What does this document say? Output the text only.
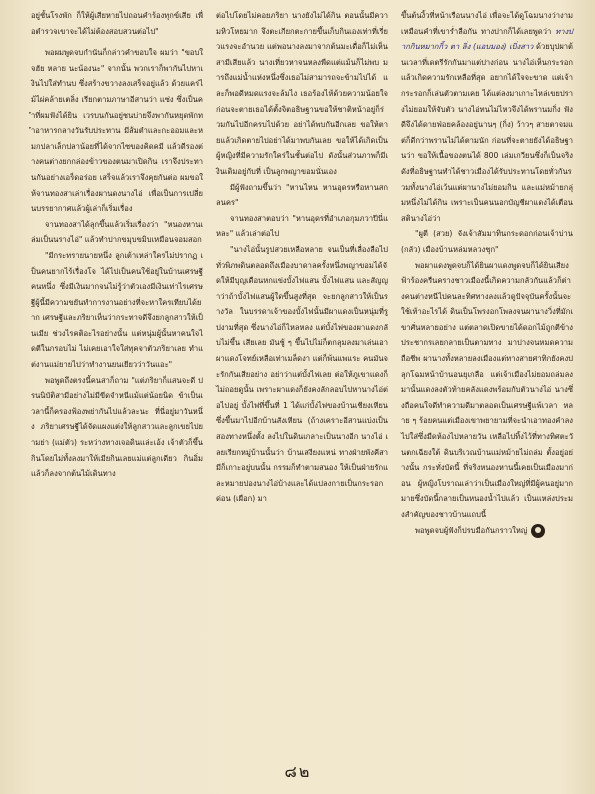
อยู่ชั้นโรงพัก ก็ให้ผู้เสียหายไปถอนคำร้องทุกข์เสีย เพื่อตำรวจเขาจะได้ไม่ต้องสอบสวนต่อไป"

พอผมพูดจบกำนันก็กล่าวคำขอบใจ ผมว่า "ขอบใจฮัย หลาย นะน้องนะ" จากนั้น พวกเราก็พากันไปหาเงินไปใส่ทำนบ ซึ่งสร้างขวางลงเสร็จอยู่แล้ว ด้วยแคร่ไม้ไผ่คล้ายเตลิ่ง เรียกตามภาษาอีสานว่า แซ่ง ซึ่งเป็นคำที่ผมฟังได้ยิน เวรบนกันอยู่ชนบ่ายจึงพากันหยุดพักทำอาหารกลางวันรับประทาน มีส้มตำและกะออมและหมกปลาเล็กปลาน้อยที่ได้จากไซของคิดคมี แล้วดีรองต่างคนต่างยกกล่องข้าวของตนมาเปิดกิน เราจึงประทานกันอย่างเอร็ดอร่อย เสร็จแล้วเราจึงคุยกันต่อ ผมขอให้จานทองสาเล่าเรื่องผานดงนางไอ่ เพื่อเป็นการเปลี่ยนบรรยากาศแล้วผู้เล่าก็เริ่มเรื่อง

จานทองสาได้ลุกขึ้นแล้วเริ่มเรื่องว่า "หนองหานเล่มเป็นนรางไอ่" แล้วทำปากขมุบขมิบเหมือนจอมสอก

"มีกระทรายนายหนึ่ง ลูกเต้าเหล่าใครไม่ปรากฏ เป็นคนยากไร้เรื่องโจ ได้ไปเป็นคนใช้อยู่ในบ้านเศรษฐีคนหนึ่ง ซึ่งมีเงินมากจนไม่รู้ว่าตัวเองมีเงินเท่าไรเศรษฐีผู้นี้มีความขยันทำการงานอย่างที่จะหาใครเทียบได้ยาก เศรษฐีและภริยาเห็นว่ากระทาจดีจึงยกลูกสาวให้เป็นเมีย ช่วงไรคติอะไรอย่างนั้น แต่หนุ่มผู้นั้นหาคนใจไดตีในกรอบไม่ ไม่เคยเอาใจใส่ทุคจาตัวภริยาเลย ทำแต่งานแม่ยายไปว่าทำงานยนเยียวว่าวันแอะ"

พอพูดถึงตรงนี้คนสาก็ถาม "แต่ภริยาก็แสนจะดี ปรนนิบัติสามีอย่างไม่มีขีดจำหนีแม้แต่น้อยนิด ข้าเป็นเวลานี้ก็ครองฟ้องพย่ากันไปแล้วละนะ ที่นี่อยู่มาวันหนึ่ง ภริยาเศรษฐีได้จัดแผงแต่งให้ลูกสาวและลูกเขยไปยามย่า (แม่ตัว) ระหว่างทางเจอดินแล่ะเอ้ง เจ้าตัวก็ขึ้นกินโดยไม่ทั้งลงมาให้เมียกินเลยแม่แต่ลูกเดียว กินอิ่มแล้วก็ลงจากต้นไม้เดินทาง

ต่อไปโดยไม่คอยภริยา นางยังไม่ได้กิน ตอนนั้นมีความหิวโหยมาก จึงตะเกียกตะกายขึ้นเก็บกินเองเท่าที่เรี่ยวแรงจะอำนวย แต่พอนางลงมาจากต้นมะเดื่อก็ไม่เห็นสามีเสียแล้ว นางเที่ยวหาจนหลงพืดแต่แม้นก็ไม่พบ มารถึงแม่น้ำแห่งหนึ่งซึ่งเธอไม่สามารถจะข้ามไปได้ และก็พอดีหมดแรงจะล้มไง เธอร้องไห้ด้วยความน้อยใจ ก่อนจะตายเธอได้ตั้งจิตอธิษฐานขอให้ชาติหน้าอยู่ก็ร่วมกันไปอีกครบไปด้วย อย่าได้พบกันอีกเลย ขอให้ตายแล้วเกิดตายไปอย่าได้มาพบกันเลย ขอให้ได้เกิดเป็นผู้หญิงที่มีความรักใคร่ในชั้นต่อไป ดังนั้นส่วนภาพก็มีเงินเดิมอยู่กับที่ เป็นลูกพญาขอมนั่นเอง

มีผู้ฟังถามขึ้นว่า "หานไหน หานอุดรหรือหานสกลนคร"

จานทองสาตอบว่า "หานอุดรที่อำเภอกุมภวาปีนี่แหละ" แล้วเล่าต่อไป

"นางไอ่นั้นรูปสวยเหลือหลาย จนเป็นที่เลื่องลือไปทั่วพิภพดินตลอดถึงเมืองบาดาลครั้งหนึ่งพญาขอมได้จัดให้มีบุญเดือนหกแข่งบั้งไฟแสน บั้งไฟแสน และสัญญาว่าถ้าบั้งไฟแสนผู้ใดขึ้นสูงที่สุด จะยกลูกสาวให้เป็นรางวัล ในบรรดาเจ้าของบั้งไฟนั้นมีผาแดงเป็นหนุ่มที่รูปงามที่สุด ซึ่งนางไอ่ก็ไหลหลง แต่บั้งไฟของผาแดงกลับไม่ขึ้น เสียเลย มันชู้ ๆ ขึ้นไปไม่ก็ตกลุมลงมาเล่นเอาผาแดงโจทย์เหลือเท่าเมล็ดงา แต่ก็พ้นแพแระ คนมันจะรักกันเสียอย่าง อย่าว่าแต่บั้งไฟเลย ต่อให้ภูเขาแดงก็ไม่ถอยดูนั้น เพราะผาแดงก็ยังคงลักลอบไปหานางไอ่ต่อไปอยู่ บั้งไฟที่ขึ้นที่ 1 ได้แก่บั้งไฟของบ้านเชียงเหียน ซึ่งขึ้นมาไปอีกบ้านสังเหียน (ถ้างเคราะอีสานแบ่งเป็นสองทางหนึ่งตั้ง ลงไปในดินเกลาะเป็นนางอีก นางไอ่ เลยเรียกหมู่บ้านนั้นว่า บ้านเสงียงแหน่ ทางฝ่ายพังคีสามีก็เกาะอยู่บนนั้น กรรมก็ทำตามสนอง ให้เป็นฝ่ายรักและหมายปองนางไอ่บ้างและได้แปลงกายเป็นกระรอกด่อน (เผือก) มา

ขึ้นต้นงิ้วที่หน้าเรือนนางไอ่ เพื่อจะได้ดูโฉมนางว่างามเหมือนคำที่เขาร่ำลือกัน ทางปากก็ได้เลยพูดว่า ทางปากกินหมากกิ้ว ตา ลิ่ง (แอบมอง) เบิ่งสาว ด้วยบุปผาต้นเวลาที่เดตรีรักกันมาแต่ปางก่อน นางไอ่เห็นกระรอกแล้วเกิดความรักเหลือที่สุด อยากได้ใจจะขาด แต่เจ้ากระรอกก็เล่นตัวตามเคย ได้แต่ลงมาเกาะไหล่เขยปรางไม่ยอมให้จับตัว นางไอ่ทนไม่ไหวจึงได้พรานมกิ่ง ฟังดีจึงได้ดายฟ่อยคล้องอยู่นานๆ (กิ่ง) ว้าวๆ สายตาจมแต่ก็ดีกว่าพรานไม่ได้ตามนัก ก่อนที่จะตายยังได้อธิษฐานว่า ขอให้เนื้อของตนได้ 800 เล่มเกวียนซึ่งก็เป็นจริงดังที่อธิษฐานทำได้ชาวเมืองได้รับประทานโดยทั่วกันรวมทั้งนางไอ่เว้นแต่ผานางไม่ยอมกิน และแม่หม้ายกลุ่มหนึ่งไม่ได้กิน เพราะเป็นคนนอกบัญชีผาแดงได้เตือนสตินางไอ่ว่า

"ผูตี (สวย) จังเจ้าสัมมาทินกระดอกก่อนเจ้าบ่าน (กลัว) เมืองบ้านหล่มหลวงชุก"

พอผาแดงพูดจบก็ได้ยินผาแดงพูดจบก็ได้ยินเสียงฟ้าร้องครืนครางชาวเมืองนี้เกิดความกลัวกันแล้วก็ต่างคนต่างหนีไปคนละทิศทางลงแล้วดูปัจจุบันครั้งนั้นจะใช้เท้าอะไรได้ ดินเป็นโพรงอกโพลงจนผานางวิ่งที่มักเขาศั่นหลายอย่าง แต่ตลาดเปิดขายได้ดอกไม้ถูกตีข้างประชากรเลยกลายเป็นตามทาง มาปางจนหมดความถือชีพ ผานางทั้งหลายลงเมืองแต่ทางสายศาทิกยังคงปลุกโฉมหน้าบ้านอนยุเกลือ แต่เจ้าเมืองไม่ยอมถล่มลงมานั้นแดงลงตัวท้ายคลังแดงพร้อมกับตัวนางไอ่ นางซึ่งถือคนใจดีทำความดีมาตลอดเป็นเศรษฐีแพ้เวลา หลาย ๆ ร้อยคนแต่เมืองเขาพยายามที่จะนำเอาทองคำลงไปใส่ซึ่งมืดห้องไปหลายวัน เหลือไปทิ้งไว้ที่ทางทิศตะวันตกเฉียงใต้ ดินบริเวณบ้านแม่หม้ายไม่ถล่ม ตั้งอยู่อย่างนั้น กระทั่งบัดนี้ ที่จริงหนองหานนี้เคยเป็นเมืองมาก่อน ผู้หญิงโบราณเล่าว่าเป็นเมืองใหญ่ที่มีผู้คนอยู่มากมายซึ่งบัดนี้กลายเป็นหนองน้ำไปแล้ว เป็นแหล่งประมงสำคัญของชาวบ้านแถบนี้

พอพูดจบผู้ฟังก็ปรบมือกันกราวใหญ่

๘๒
